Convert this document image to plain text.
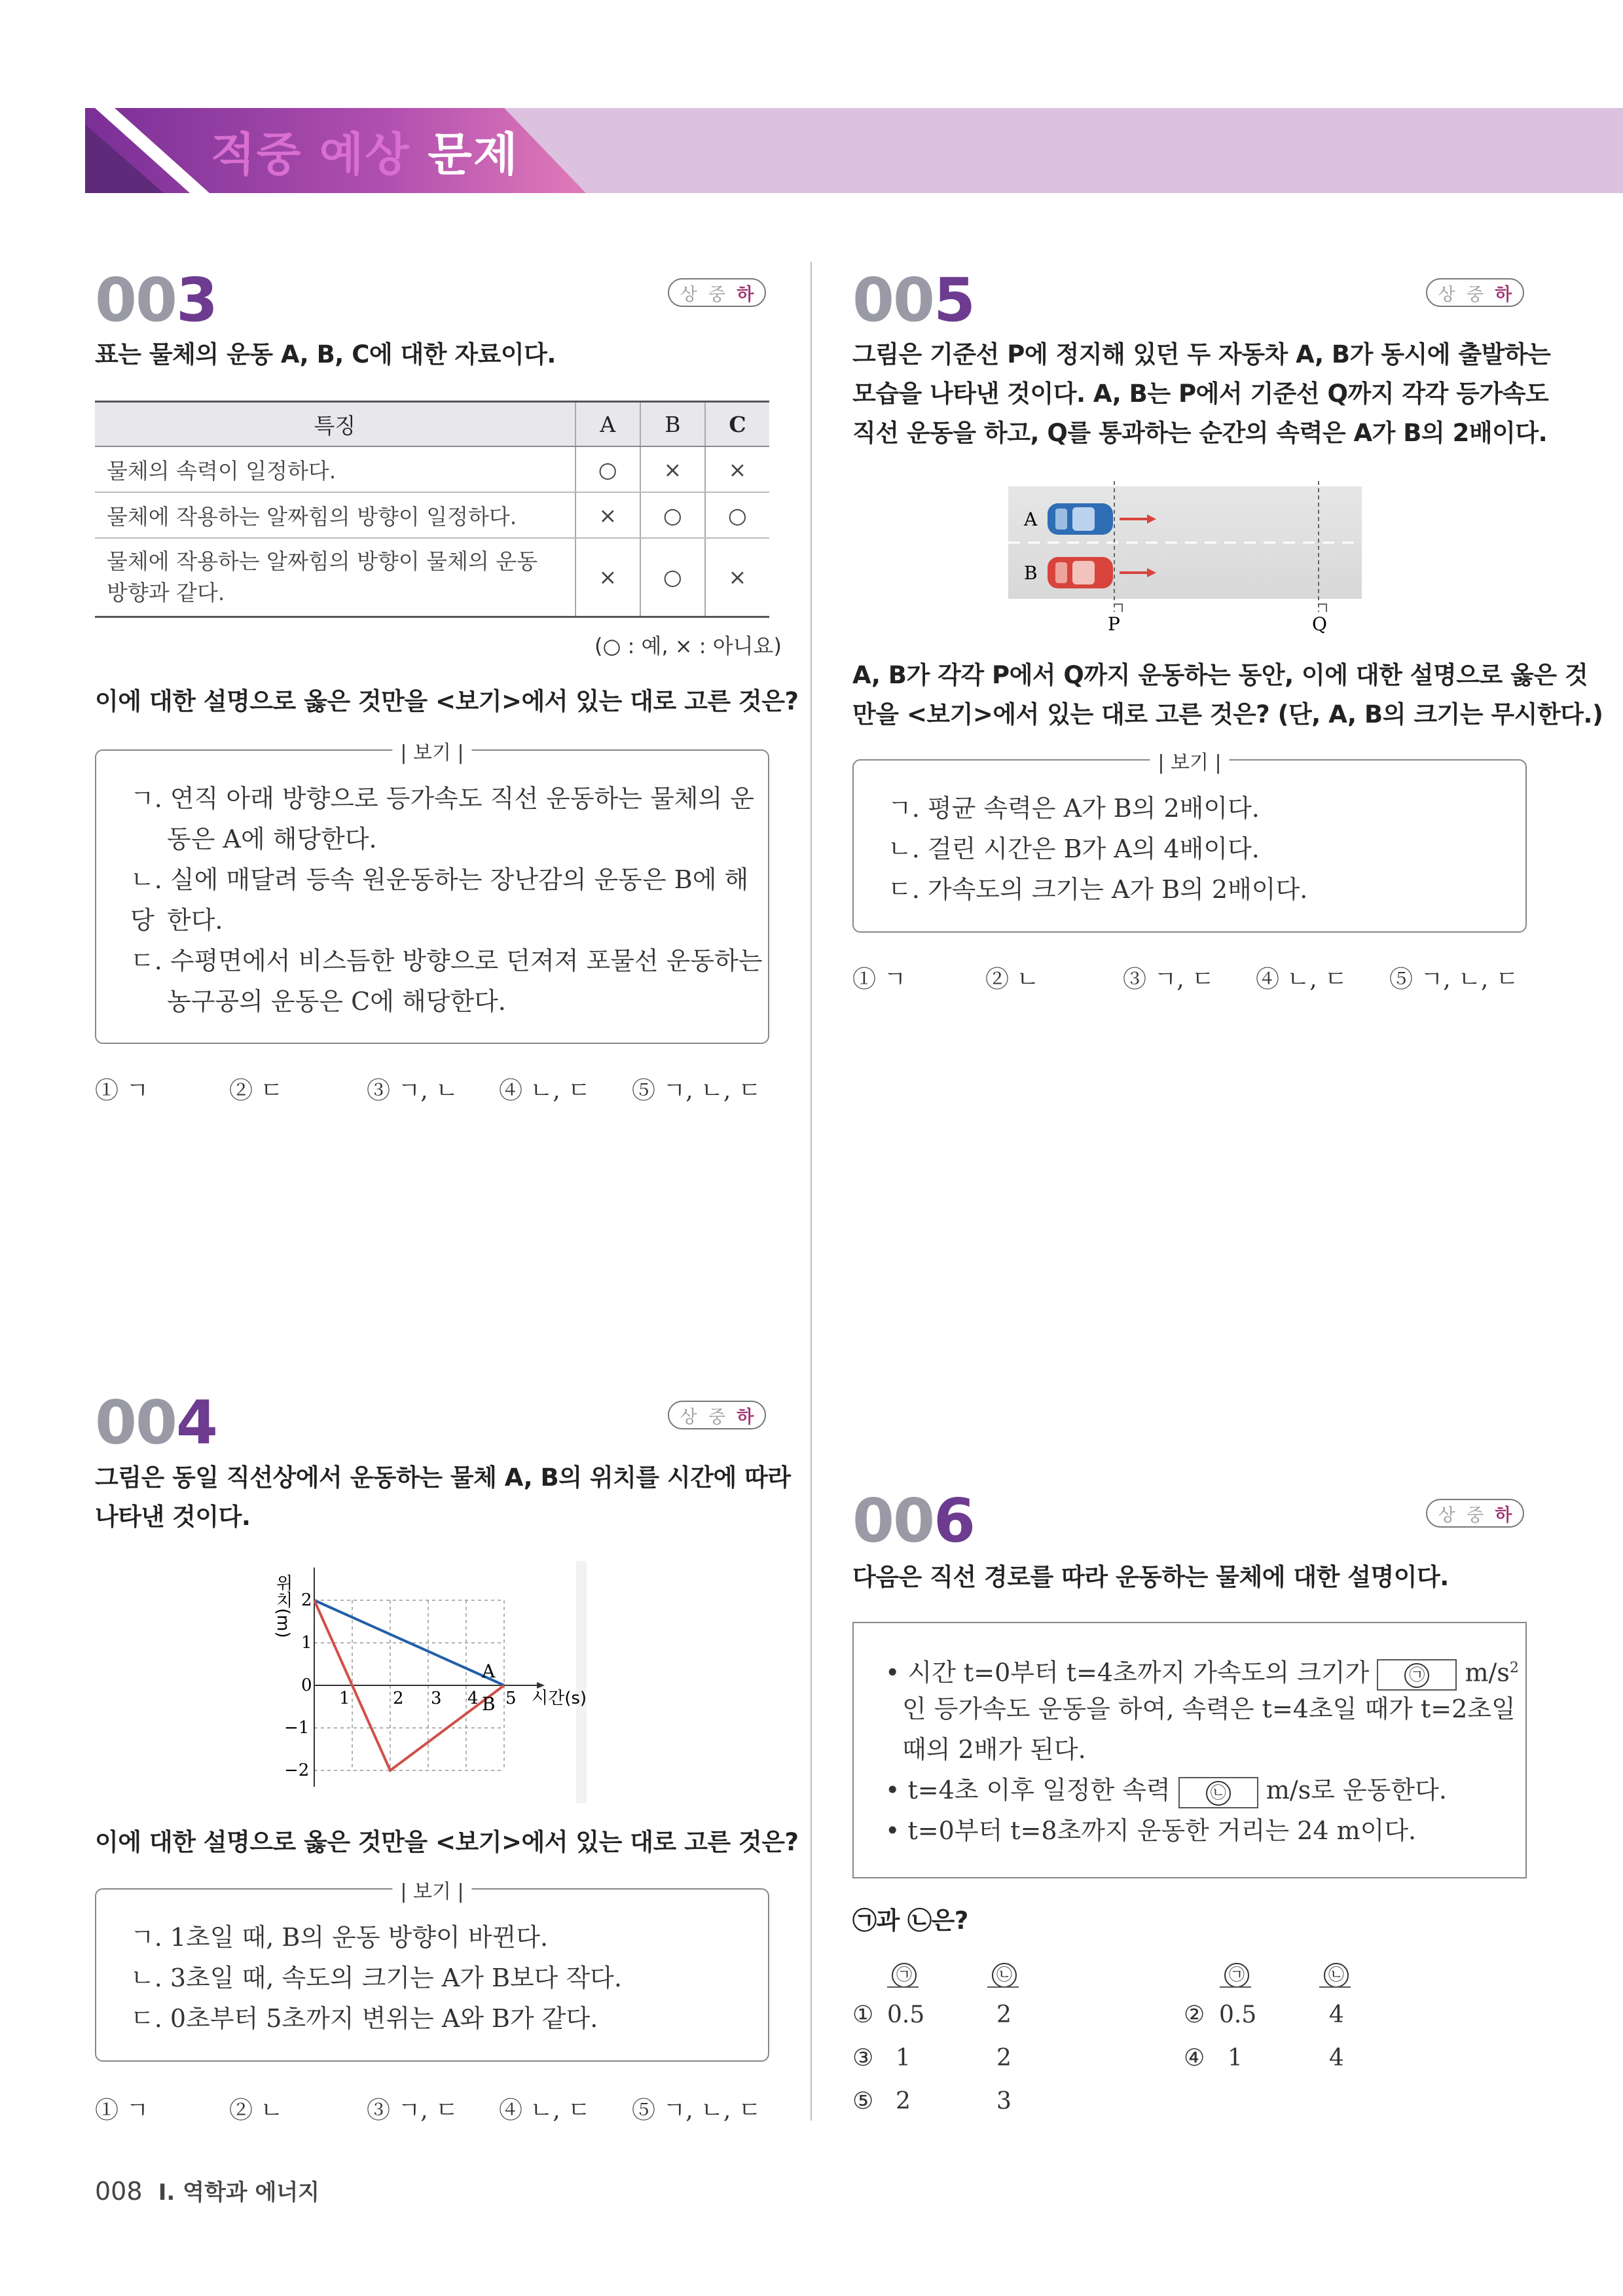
적중 예상 문제
003	상 중 하
표는 물체의 운동 A, B, C에 대한 자료이다.
특징	A	B	C
물체의 속력이 일정하다.	○	×	×
물체에 작용하는 알짜힘의 방향이 일정하다.	×	○	○
물체에 작용하는 알짜힘의 방향이 물체의 운동 방향과 같다.	×	○	×
(○ : 예, × : 아니요)
이에 대한 설명으로 옳은 것만을 <보기>에서 있는 대로 고른 것은?
| 보기 |
ㄱ. 연직 아래 방향으로 등가속도 직선 운동하는 물체의 운
동은 A에 해당한다.
ㄴ. 실에 매달려 등속 원운동하는 장난감의 운동은 B에 해당 한다.
ㄷ. 수평면에서 비스듬한 방향으로 던져져 포물선 운동하는
농구공의 운동은 C에 해당한다.
① ㄱ	② ㄷ	③ ㄱ, ㄴ ④ ㄴ, ㄷ ⑤ ㄱ, ㄴ, ㄷ
004	상 중 하
그림은 동일 직선상에서 운동하는 물체 A, B의 위치를 시간에 따라
나타낸 것이다.
위치(m) 2
1
0
−1
−2
1	2 3 4 5 시간(s)
A
B
이에 대한 설명으로 옳은 것만을 <보기>에서 있는 대로 고른 것은?
| 보기 |
ㄱ. 1초일 때, B의 운동 방향이 바뀐다.
ㄴ. 3초일 때, 속도의 크기는 A가 B보다 작다.
ㄷ. 0초부터 5초까지 변위는 A와 B가 같다.
① ㄱ	② ㄴ	③ ㄱ, ㄷ ④ ㄴ, ㄷ ⑤ ㄱ, ㄴ, ㄷ
005	상 중 하
그림은 기준선 P에 정지해 있던 두 자동차 A, B가 동시에 출발하는
모습을 나타낸 것이다. A, B는 P에서 기준선 Q까지 각각 등가속도
직선 운동을 하고, Q를 통과하는 순간의 속력은 A가 B의 2배이다.
A
B
P	Q
A, B가 각각 P에서 Q까지 운동하는 동안, 이에 대한 설명으로 옳은 것
만을 <보기>에서 있는 대로 고른 것은? (단, A, B의 크기는 무시한다.)
| 보기 |
ㄱ. 평균 속력은 A가 B의 2배이다.
ㄴ. 걸린 시간은 B가 A의 4배이다.
ㄷ. 가속도의 크기는 A가 B의 2배이다.
① ㄱ	② ㄴ	③ ㄱ, ㄷ ④ ㄴ, ㄷ ⑤ ㄱ, ㄴ, ㄷ
006	상 중 하
다음은 직선 경로를 따라 운동하는 물체에 대한 설명이다.
• 시간 t=0부터 t=4초까지 가속도의 크기가	㉠ $m/s^2$
인 등가속도 운동을 하여, 속력은 t=4초일 때가 t=2초일
때의 2배가 된다.
• t=4초 이후 일정한 속력	㉡ m/s로 운동한다.
• t=0부터 t=8초까지 운동한 거리는 24 m이다.
㉠과 ㉡은?
㉠	㉡	㉠	㉡
① 0.5	2	② 0.5	4
③ 1	2	④ 1	4
⑤ 2	3
008 Ⅰ. 역학과 에너지
